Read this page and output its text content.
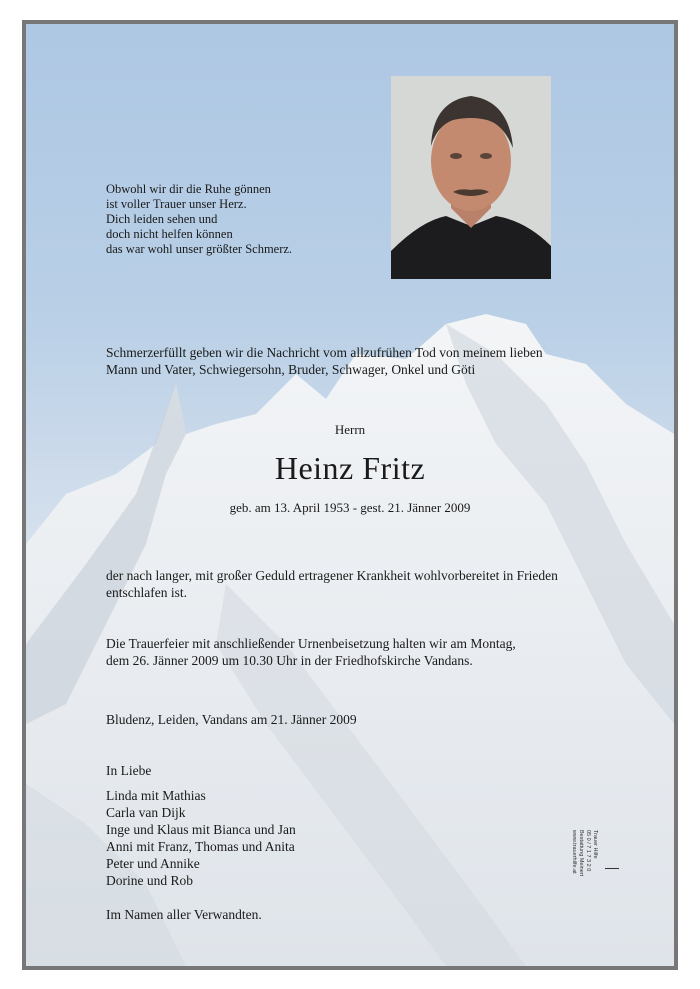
Obwohl wir dir die Ruhe gönnen
ist voller Trauer unser Herz.
Dich leiden sehen und
doch nicht helfen können
das war wohl unser größter Schmerz.
Schmerzerfüllt geben wir die Nachricht vom allzufrühen Tod von meinem lieben
Mann und Vater, Schwiegersohn, Bruder, Schwager, Onkel und Göti
Herrn
Heinz Fritz
geb. am 13. April 1953 - gest. 21. Jänner 2009
der nach langer, mit großer Geduld ertragener Krankheit wohlvorbereitet in Frieden
entschlafen ist.
Die Trauerfeier mit anschließender Urnenbeisetzung halten wir am Montag,
dem 26. Jänner 2009 um 10.30 Uhr in der Friedhofskirche Vandans.
Bludenz, Leiden, Vandans am 21. Jänner 2009
In Liebe
Linda mit Mathias
Carla van Dijk
Inge und Klaus mit Bianca und Jan
Anni mit Franz, Thomas und Anita
Peter und Annike
Dorine und Rob
Im Namen aller Verwandten.
Trauer Hilfe
05 0 / 7 1 7 3 2 0
Bestattung Meinert
www.trauerhilfe.at
